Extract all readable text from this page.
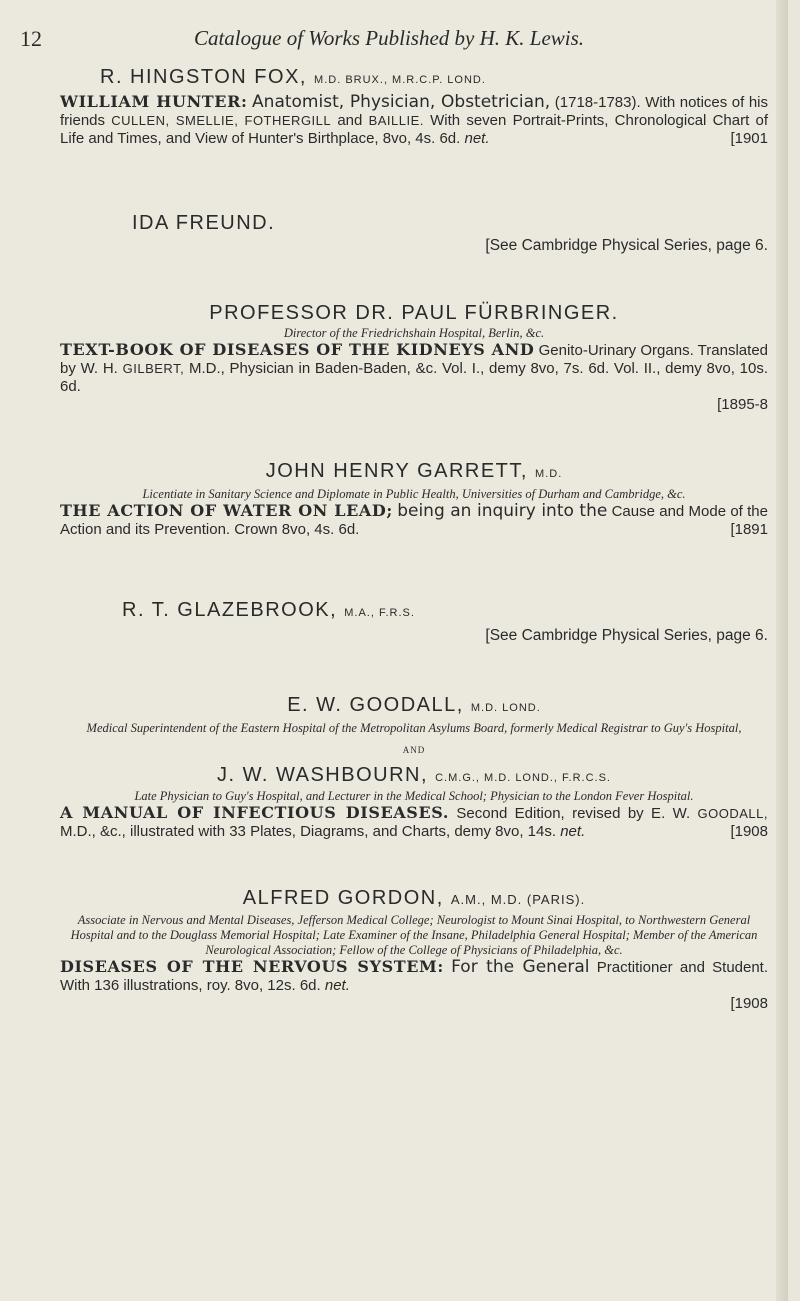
12	Catalogue of Works Published by H. K. Lewis.

R. HINGSTON FOX, M.D. BRUX., M.R.C.P. LOND.

WILLIAM HUNTER: Anatomist, Physician, Obstetrician, (1718-1783). With notices of his friends CULLEN, SMELLIE, FOTHERGILL and BAILLIE. With seven Portrait-Prints, Chronological Chart of Life and Times, and View of Hunter's Birthplace, 8vo, 4s. 6d. net.	[1901

IDA FREUND.

[See Cambridge Physical Series, page 6.

PROFESSOR DR. PAUL FÜRBRINGER.

Director of the Friedrichshain Hospital, Berlin, &c.

TEXT-BOOK OF DISEASES OF THE KIDNEYS AND Genito-Urinary Organs. Translated by W. H. GILBERT, M.D., Physician in Baden-Baden, &c. Vol. I., demy 8vo, 7s. 6d. Vol. II., demy 8vo, 10s. 6d.

[1895-8

JOHN HENRY GARRETT, M.D.

Licentiate in Sanitary Science and Diplomate in Public Health, Universities of Durham and Cambridge, &c.

THE ACTION OF WATER ON LEAD; being an inquiry into the Cause and Mode of the Action and its Prevention. Crown 8vo, 4s. 6d.	[1891

R. T. GLAZEBROOK, M.A., F.R.S.

[See Cambridge Physical Series, page 6.

E. W. GOODALL, M.D. LOND.

Medical Superintendent of the Eastern Hospital of the Metropolitan Asylums Board, formerly Medical Registrar to Guy's Hospital,

AND

J. W. WASHBOURN, C.M.G., M.D. LOND., F.R.C.S.

Late Physician to Guy's Hospital, and Lecturer in the Medical School; Physician to the London Fever Hospital.

A MANUAL OF INFECTIOUS DISEASES. Second Edition, revised by E. W. GOODALL, M.D., &c., illustrated with 33 Plates, Diagrams, and Charts, demy 8vo, 14s. net.	[1908

ALFRED GORDON, A.M., M.D. (PARIS).

Associate in Nervous and Mental Diseases, Jefferson Medical College; Neurologist to Mount Sinai Hospital, to Northwestern General Hospital and to the Douglass Memorial Hospital; Late Examiner of the Insane, Philadelphia General Hospital; Member of the American Neurological Association; Fellow of the College of Physicians of Philadelphia, &c.

DISEASES OF THE NERVOUS SYSTEM: For the General Practitioner and Student. With 136 illustrations, roy. 8vo, 12s. 6d. net.

[1908
